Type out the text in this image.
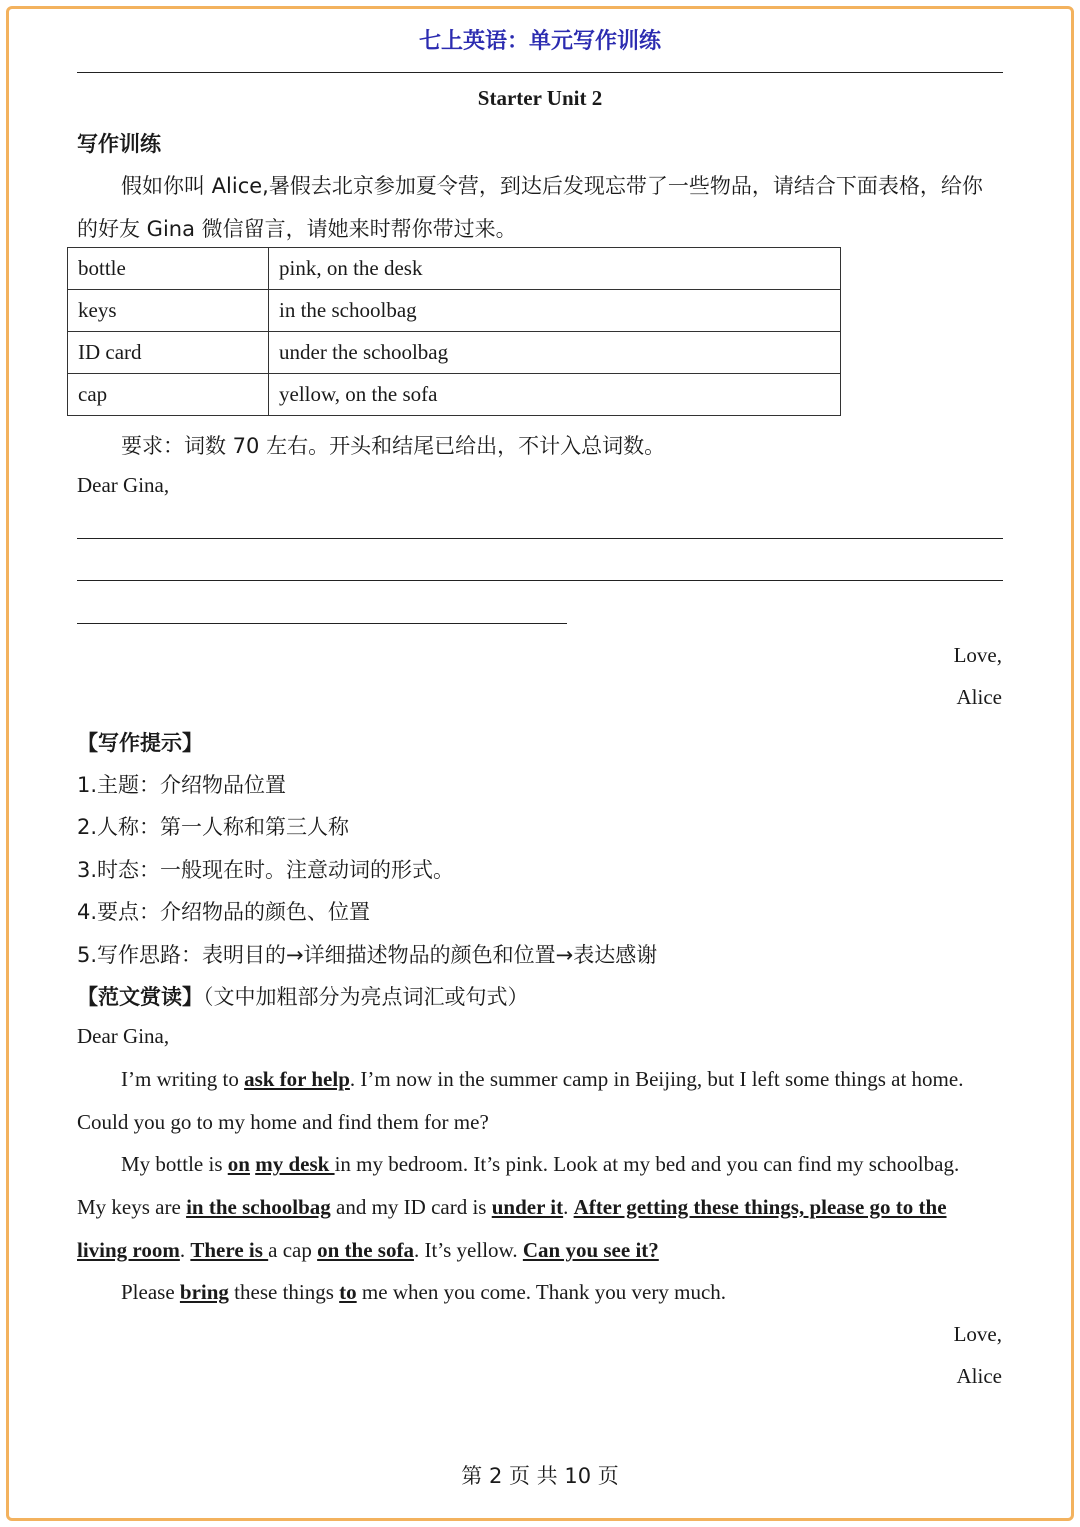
七上英语：单元写作训练
Starter Unit 2
写作训练
假如你叫 Alice,暑假去北京参加夏令营，到达后发现忘带了一些物品，请结合下面表格，给你
的好友 Gina 微信留言，请她来时帮你带过来。
bottle	pink, on the desk
keys	in the schoolbag
ID card	under the schoolbag
cap	yellow, on the sofa
要求：词数 70 左右。开头和结尾已给出，不计入总词数。
Dear Gina,
Love,
Alice
【写作提示】
1.主题：介绍物品位置
2.人称：第一人称和第三人称
3.时态：一般现在时。注意动词的形式。
4.要点：介绍物品的颜色、位置
5.写作思路：表明目的→详细描述物品的颜色和位置→表达感谢
【范文赏读】（文中加粗部分为亮点词汇或句式）
Dear Gina,
I’m writing to ask for help. I’m now in the summer camp in Beijing, but I left some things at home.
Could you go to my home and find them for me?
My bottle is on my desk in my bedroom. It’s pink. Look at my bed and you can find my schoolbag.
My keys are in the schoolbag and my ID card is under it. After getting these things, please go to the
living room. There is a cap on the sofa. It’s yellow. Can you see it?
Please bring these things to me when you come. Thank you very much.
Love,
Alice
第 2 页 共 10 页
